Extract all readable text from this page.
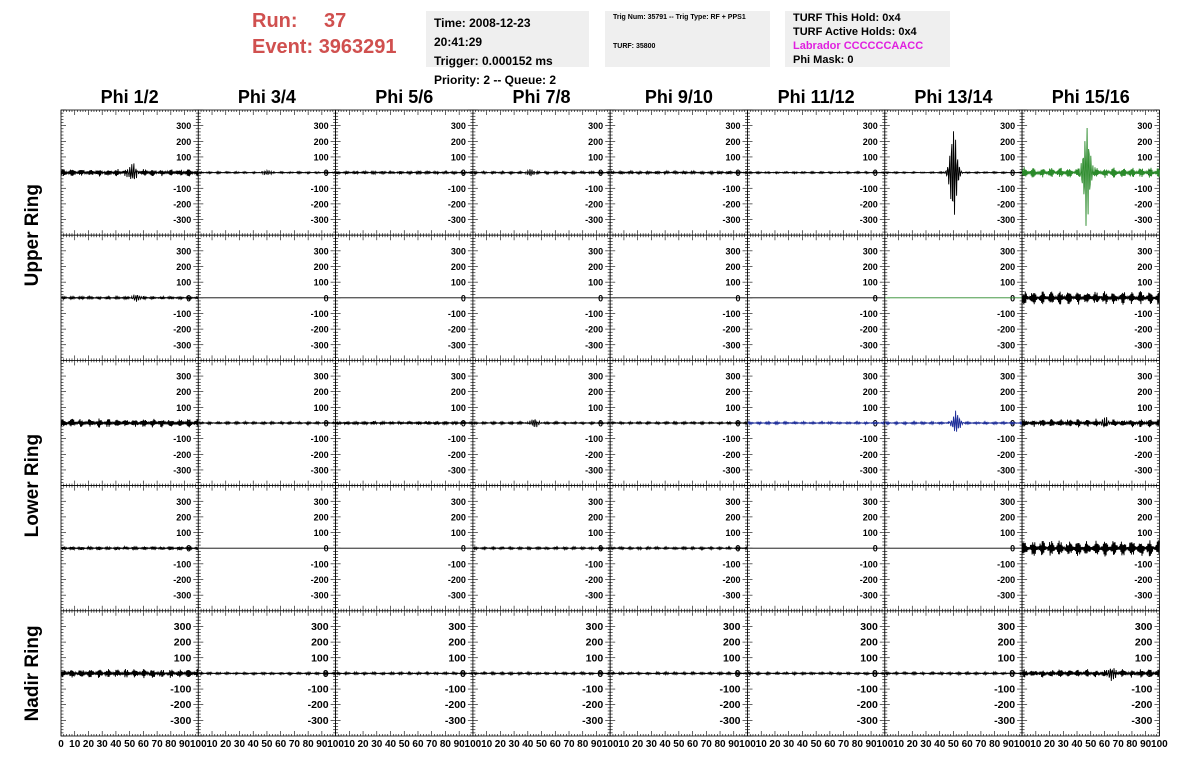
Run: 37
Event: 3963291
Time: 2008-12-23 20:41:29
Trigger: 0.000152 ms
Priority: 2 -- Queue: 2
Trig Num: 35791 -- Trig Type: RF + PPS1
TURF: 35800
TURF This Hold: 0x4
TURF Active Holds: 0x4
Labrador CCCCCCAACC
Phi Mask: 0
Phi 1/2	Phi 3/4	Phi 5/6	Phi 7/8	Phi 9/10	Phi 11/12	Phi 13/14	Phi 15/16
Upper Ring
Lower Ring
Nadir Ring
-300
-200
-100
0
100
200
300
-300
-200
-100
0
100
200
300
-300
-200
-100
0
100
200
300
-300
-200
-100
0
100
200
300
-300
-200
-100
0
100
200
300
-300
-200
-100
0
100
200
300
-300
-200
-100
0
100
200
300
-300
-200
-100
0
100
200
300
-300
-200
-100
0
100
200
300
-300
-200
-100
0
100
200
300
-300
-200
-100
0
100
200
300
-300
-200
-100
0
100
200
300
-300
-200
-100
0
100
200
300
-300
-200
-100
0
100
200
300
-300
-200
-100
0
100
200
300
-300
-200
-100
0
100
200
300
-300
-200
-100
0
100
200
300
-300
-200
-100
0
100
200
300
-300
-200
-100
0
100
200
300
-300
-200
-100
0
100
200
300
-300
-200
-100
0
100
200
300
-300
-200
-100
0
100
200
300
-300
-200
-100
0
100
200
300
-300
-200
-100
0
100
200
300
-300
-200
-100
0
100
200
300
-300
-200
-100
0
100
200
300
-300
-200
-100
0
100
200
300
-300
-200
-100
0
100
200
300
-300
-200
-100
0
100
200
300
-300
-200
-100
0
100
200
300
-300
-200
-100
0
100
200
300
-300
-200
-100
0
100
200
300
-300
-200
-100
0
100
200
300
-300
-200
-100
0
100
200
300
-300
-200
-100
0
100
200
300
-300
-200
-100
0
100
200
300
-300
-200
-100
0
100
200
300
-300
-200
-100
0
100
200
300
-300
-200
-100
0
100
200
300
-300
-200
-100
0
100
200
300
0 10 20 30 40 50 60 70 80 90 100 10 20 30 40 50 60 70 80 90 100 10 20 30 40 50 60 70 80 90 100 10 20 30 40 50 60 70 80 90 100 10 20 30 40 50 60 70 80 90 100 10 20 30 40 50 60 70 80 90 100 10 20 30 40 50 60 70 80 90 100 10 20 30 40 50 60 70 80 90 100
